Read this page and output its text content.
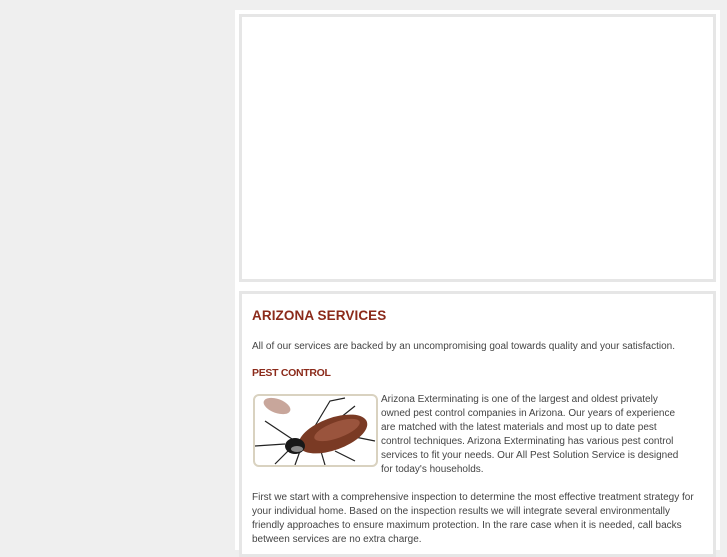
ARIZONA SERVICES

All of our services are backed by an uncompromising goal towards quality and your satisfaction.

PEST CONTROL

Arizona Exterminating is one of the largest and oldest privately owned pest control companies in Arizona. Our years of experience are matched with the latest materials and most up to date pest control techniques. Arizona Exterminating has various pest control services to fit your needs. Our All Pest Solution Service is designed for today's households.

First we start with a comprehensive inspection to determine the most effective treatment strategy for your individual home. Based on the inspection results we will integrate several environmentally friendly approaches to ensure maximum protection. In the rare case when it is needed, call backs between services are no extra charge.
